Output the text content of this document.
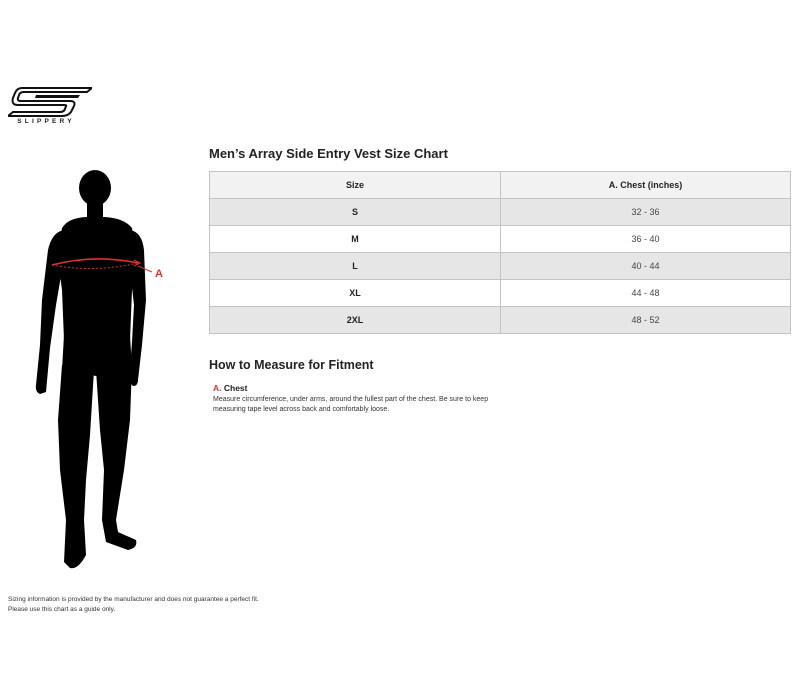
SLIPPERY
A
Men’s Array Side Entry Vest Size Chart
Size	A. Chest (inches)
S	32 - 36
M	36 - 40
L	40 - 44
XL	44 - 48
2XL	48 - 52
How to Measure for Fitment
A. Chest
Measure circumference, under arms, around the fullest part of the chest. Be sure to keep measuring tape level across back and comfortably loose.
Sizing information is provided by the manufacturer and does not guarantee a perfect fit.
Please use this chart as a guide only.
